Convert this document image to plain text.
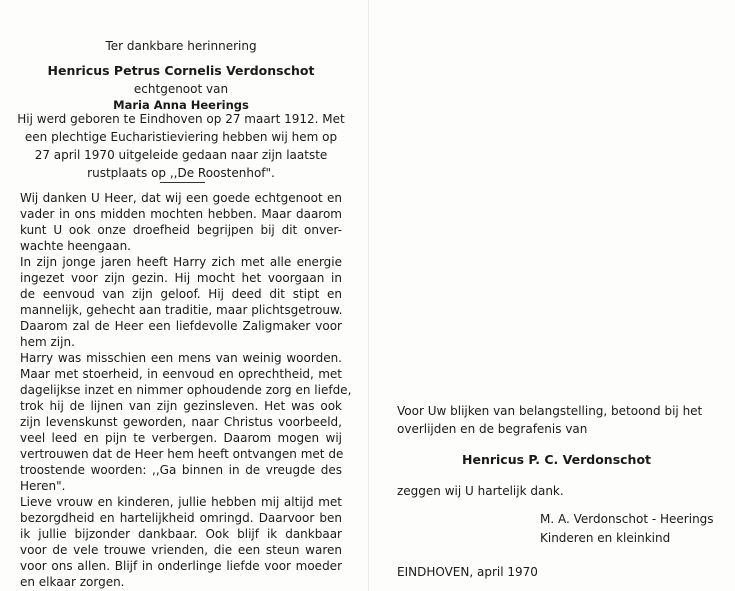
Ter dankbare herinnering

Henricus Petrus Cornelis Verdonschot

echtgenoot van

Maria Anna Heerings

Hij werd geboren te Eindhoven op 27 maart 1912. Met

een plechtige Eucharistieviering hebben wij hem op

27 april 1970 uitgeleide gedaan naar zijn laatste

rustplaats op ,,De Roostenhof".

Voor Uw blijken van belangstelling, betoond bij het

overlijden en de begrafenis van

Henricus P. C. Verdonschot

zeggen wij U hartelijk dank.

M. A. Verdonschot - Heerings

Kinderen en kleinkind

EINDHOVEN, april 1970

Wij danken U Heer, dat wij een goede echtgenoot en

vader in ons midden mochten hebben. Maar daarom

kunt U ook onze droefheid begrijpen bij dit onver-

wachte heengaan.

In zijn jonge jaren heeft Harry zich met alle energie

ingezet voor zijn gezin. Hij mocht het voorgaan in

de eenvoud van zijn geloof. Hij deed dit stipt en

mannelijk, gehecht aan traditie, maar plichtsgetrouw.

Daarom zal de Heer een liefdevolle Zaligmaker voor

hem zijn.

Harry was misschien een mens van weinig woorden.

Maar met stoerheid, in eenvoud en oprechtheid, met

dagelijkse inzet en nimmer ophoudende zorg en liefde,

trok hij de lijnen van zijn gezinsleven. Het was ook

zijn levenskunst geworden, naar Christus voorbeeld,

veel leed en pijn te verbergen. Daarom mogen wij

vertrouwen dat de Heer hem heeft ontvangen met de

troostende woorden: ,,Ga binnen in de vreugde des

Heren".

Lieve vrouw en kinderen, jullie hebben mij altijd met

bezorgdheid en hartelijkheid omringd. Daarvoor ben

ik jullie bijzonder dankbaar. Ook blijf ik dankbaar

voor de vele trouwe vrienden, die een steun waren

voor ons allen. Blijf in onderlinge liefde voor moeder

en elkaar zorgen.
